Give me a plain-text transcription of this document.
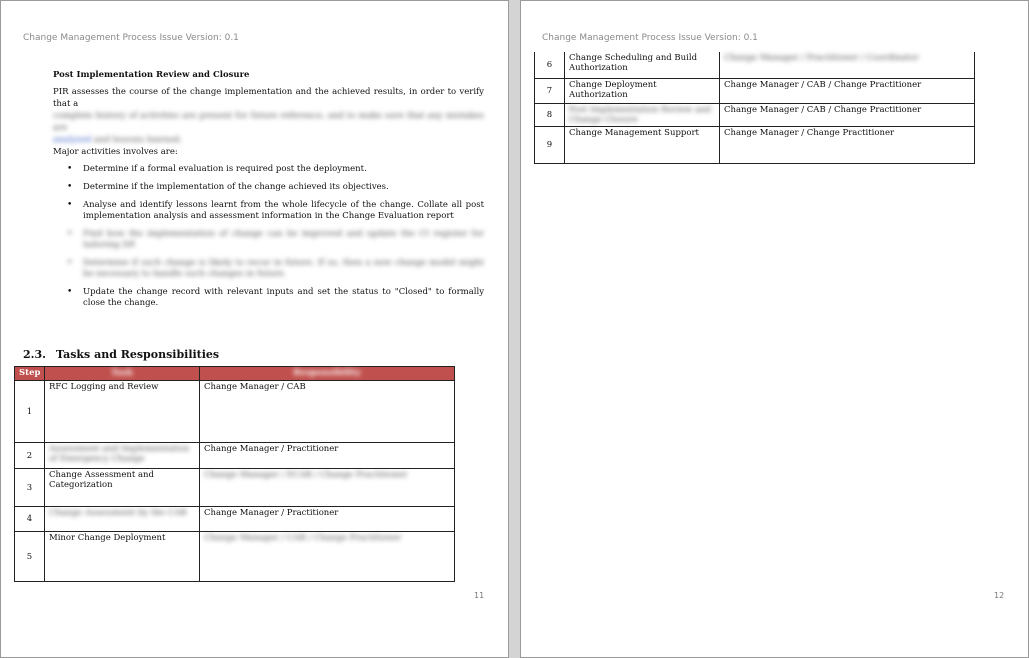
Change Management Process Issue Version: 0.1
Post Implementation Review and Closure
PIR assesses the course of the change implementation and the achieved results, in order to verify that a
complete history of activities are present for future reference, and to make sure that any mistakes are
analyzed and lessons learned.
Major activities involves are:
• Determine if a formal evaluation is required post the deployment.
• Determine if the implementation of the change achieved its objectives.
• Analyse and identify lessons learnt from the whole lifecycle of the change. Collate all post implementation analysis and assessment information in the Change Evaluation report
• Find how the implementation of change can be improved and update the CI register for tailoring DP.
• Determine if such change is likely to recur in future. If so, then a new change model might be necessary to handle such changes in future.
• Update the change record with relevant inputs and set the status to "Closed" to formally close the change.
2.3. Tasks and Responsibilities
Step	Task	Responsibility
1	RFC Logging and Review	Change Manager / CAB
2	Assessment and Implementation of Emergency Change	Change Manager / Practitioner
3	Change Assessment and Categorization	Change Manager / ECAB / Change Practitioner
4	Change Assessment by the CAB	Change Manager / Practitioner
5	Minor Change Deployment	Change Manager / CAB / Change Practitioner
11
Change Management Process Issue Version: 0.1
6	Change Scheduling and Build Authorization	Change Manager / Practitioner / Coordinator
7	Change Deployment Authorization	Change Manager / CAB / Change Practitioner
8	Post Implementation Review and Change Closure	Change Manager / CAB / Change Practitioner
9	Change Management Support	Change Manager / Change Practitioner
12
